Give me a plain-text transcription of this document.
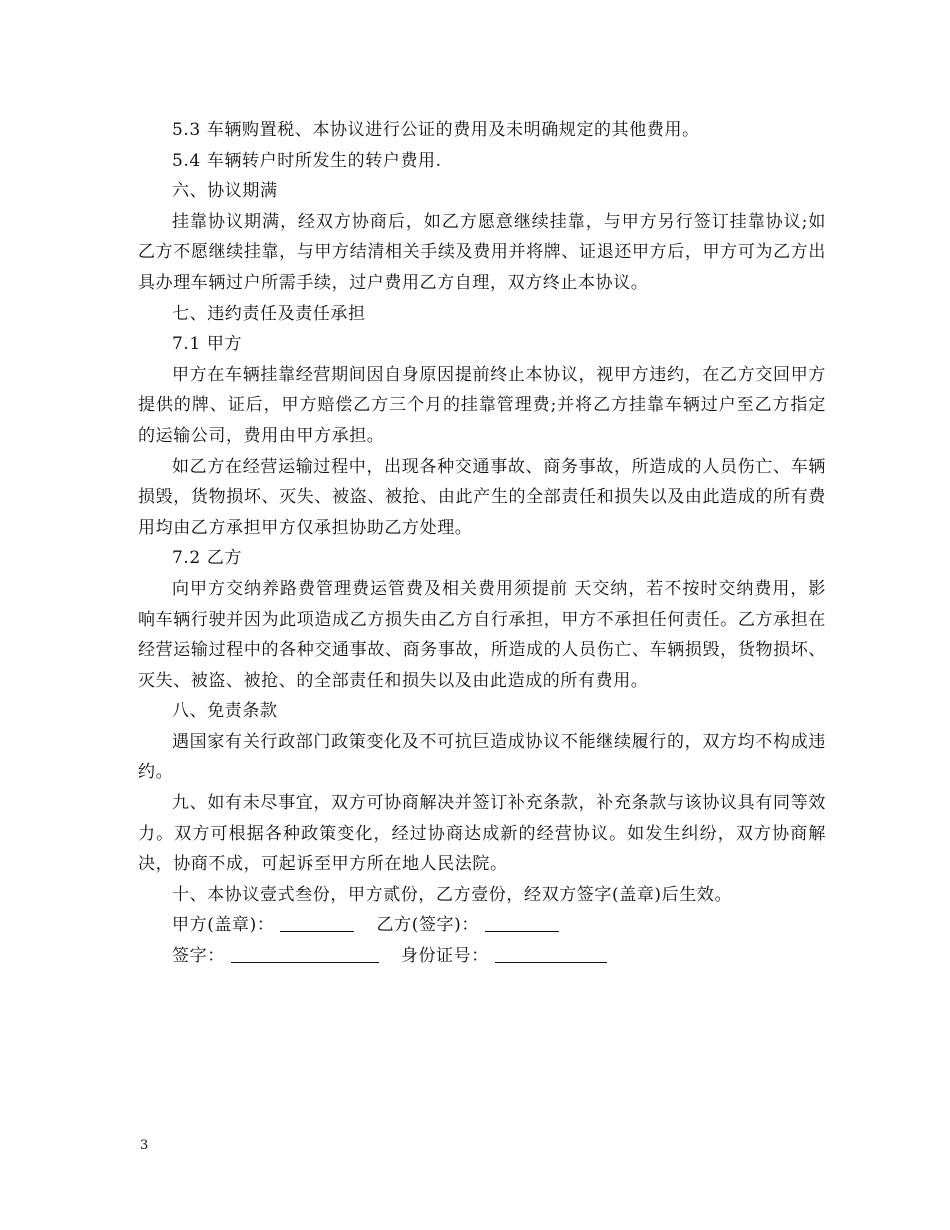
5.3 车辆购置税、本协议进行公证的费用及未明确规定的其他费用。

5.4 车辆转户时所发生的转户费用.

六、协议期满

挂靠协议期满，经双方协商后，如乙方愿意继续挂靠，与甲方另行签订挂靠协议;如乙方不愿继续挂靠，与甲方结清相关手续及费用并将牌、证退还甲方后，甲方可为乙方出具办理车辆过户所需手续，过户费用乙方自理，双方终止本协议。

七、违约责任及责任承担

7.1 甲方

甲方在车辆挂靠经营期间因自身原因提前终止本协议，视甲方违约，在乙方交回甲方提供的牌、证后，甲方赔偿乙方三个月的挂靠管理费;并将乙方挂靠车辆过户至乙方指定的运输公司，费用由甲方承担。

如乙方在经营运输过程中，出现各种交通事故、商务事故，所造成的人员伤亡、车辆损毁，货物损坏、灭失、被盗、被抢、由此产生的全部责任和损失以及由此造成的所有费用均由乙方承担甲方仅承担协助乙方处理。

7.2 乙方

向甲方交纳养路费管理费运管费及相关费用须提前 天交纳，若不按时交纳费用，影响车辆行驶并因为此项造成乙方损失由乙方自行承担，甲方不承担任何责任。乙方承担在经营运输过程中的各种交通事故、商务事故，所造成的人员伤亡、车辆损毁，货物损坏、灭失、被盗、被抢、的全部责任和损失以及由此造成的所有费用。

八、免责条款

遇国家有关行政部门政策变化及不可抗巨造成协议不能继续履行的，双方均不构成违约。

九、如有未尽事宜，双方可协商解决并签订补充条款，补充条款与该协议具有同等效力。双方可根据各种政策变化，经过协商达成新的经营协议。如发生纠纷，双方协商解决，协商不成，可起诉至甲方所在地人民法院。

十、本协议壹式叁份，甲方贰份，乙方壹份，经双方签字(盖章)后生效。

甲方(盖章)：	乙方(签字)：

签字：	身份证号：

3
